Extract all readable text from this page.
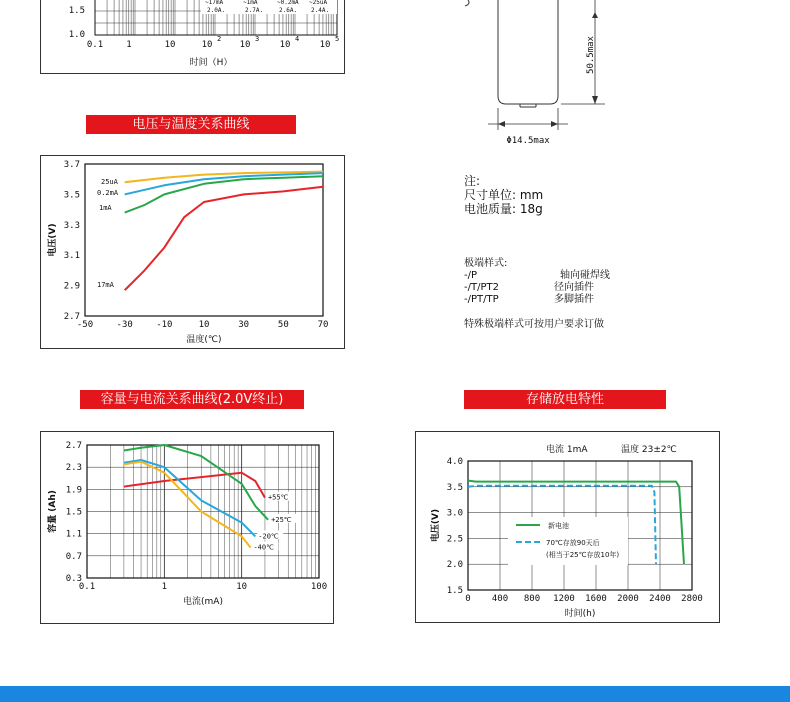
1.5
1.0
~17mA	~1mA	~0.2mA ~25uA
2.0A.	2.7A.	2.6A. 2.4A.
0.1	1	10	10
2
10
3
10
4
10
5
时间（H）	50.5max
Φ14.5max
注:
尺寸单位: mm
电池质量: 18g
极端样式:
-/P	轴向碰焊线
-/T/PT2	径向插件
-/PT/TP	多脚插件
特殊极端样式可按用户要求订做
电压与温度关系曲线
容量与电流关系曲线(2.0V终止)	存储放电特性
-50	-30	-10	10	30	50	70
2.7
2.9
3.1
3.3
3.5
3.7
温度(℃)
电压(V)
25uA
0.2mA
1mA
17mA
0.1	1	10	100
0.3
0.7
1.1
1.5
1.9
2.3
2.7
电流(mA)
容量 (Ah)	+55℃
+25℃
-20℃
-40℃
0 400 800 1200 1600 2000 2400 2800
1.5
2.0
2.5
3.0
3.5
4.0
时间(h)
电压(V)
电流 1mA	温度 23±2℃
新电池
70℃存放90天后
(相当于25℃存放10年)
